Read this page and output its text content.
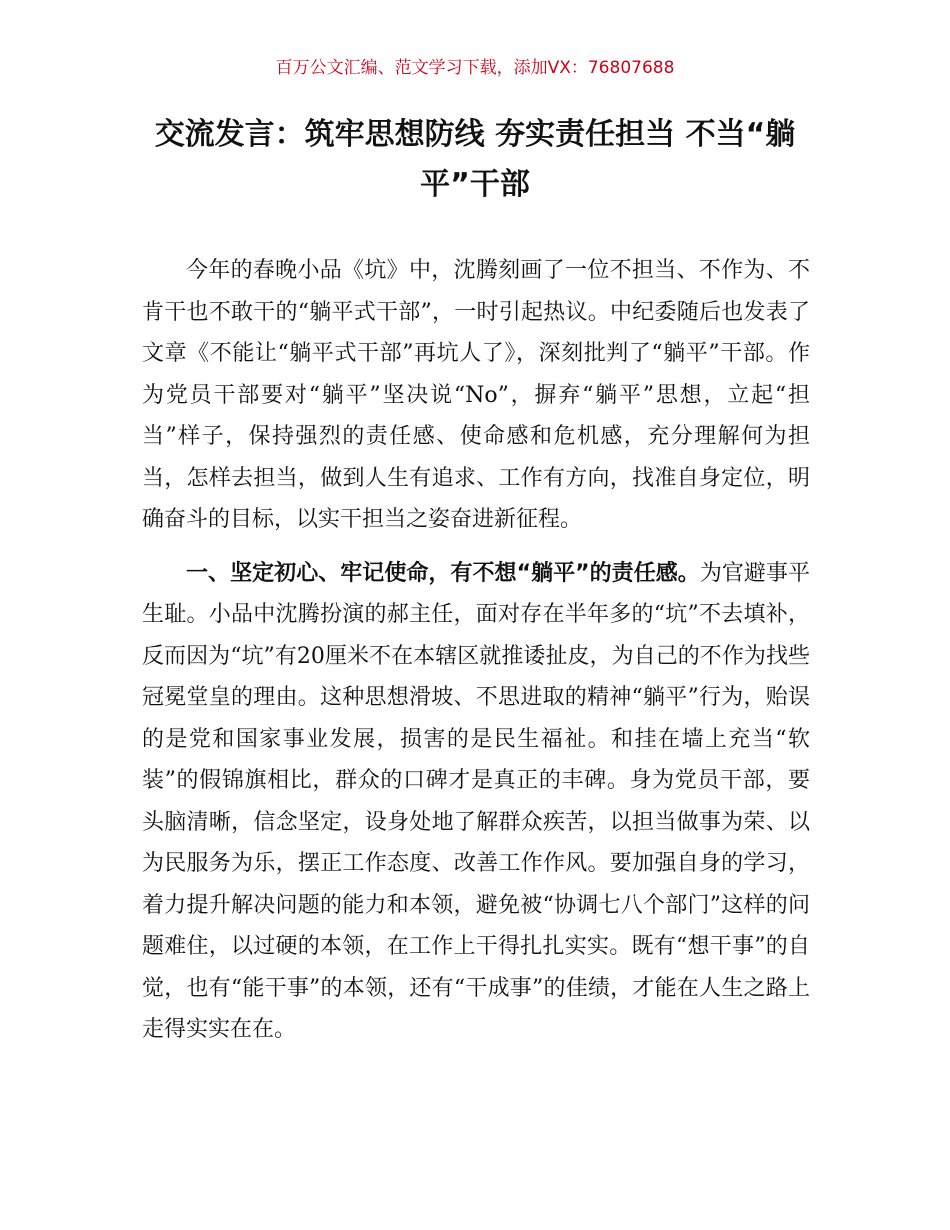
百万公文汇编、范文学习下载，添加VX：76807688
交流发言：筑牢思想防线 夯实责任担当 不当“躺平”干部

今年的春晚小品《坑》中，沈腾刻画了一位不担当、不作为、不肯干也不敢干的“躺平式干部”，一时引起热议。中纪委随后也发表了文章《不能让“躺平式干部”再坑人了》，深刻批判了“躺平”干部。作为党员干部要对“躺平”坚决说“No”，摒弃“躺平”思想，立起“担当”样子，保持强烈的责任感、使命感和危机感，充分理解何为担当，怎样去担当，做到人生有追求、工作有方向，找准自身定位，明确奋斗的目标，以实干担当之姿奋进新征程。

一、坚定初心、牢记使命，有不想“躺平”的责任感。为官避事平生耻。小品中沈腾扮演的郝主任，面对存在半年多的“坑”不去填补，反而因为“坑”有20厘米不在本辖区就推诿扯皮，为自己的不作为找些冠冕堂皇的理由。这种思想滑坡、不思进取的精神“躺平”行为，贻误的是党和国家事业发展，损害的是民生福祉。和挂在墙上充当“软装”的假锦旗相比，群众的口碑才是真正的丰碑。身为党员干部，要头脑清晰，信念坚定，设身处地了解群众疾苦，以担当做事为荣、以为民服务为乐，摆正工作态度、改善工作作风。要加强自身的学习，着力提升解决问题的能力和本领，避免被“协调七八个部门”这样的问题难住，以过硬的本领，在工作上干得扎扎实实。既有“想干事”的自觉，也有“能干事”的本领，还有“干成事”的佳绩，才能在人生之路上走得实实在在。
